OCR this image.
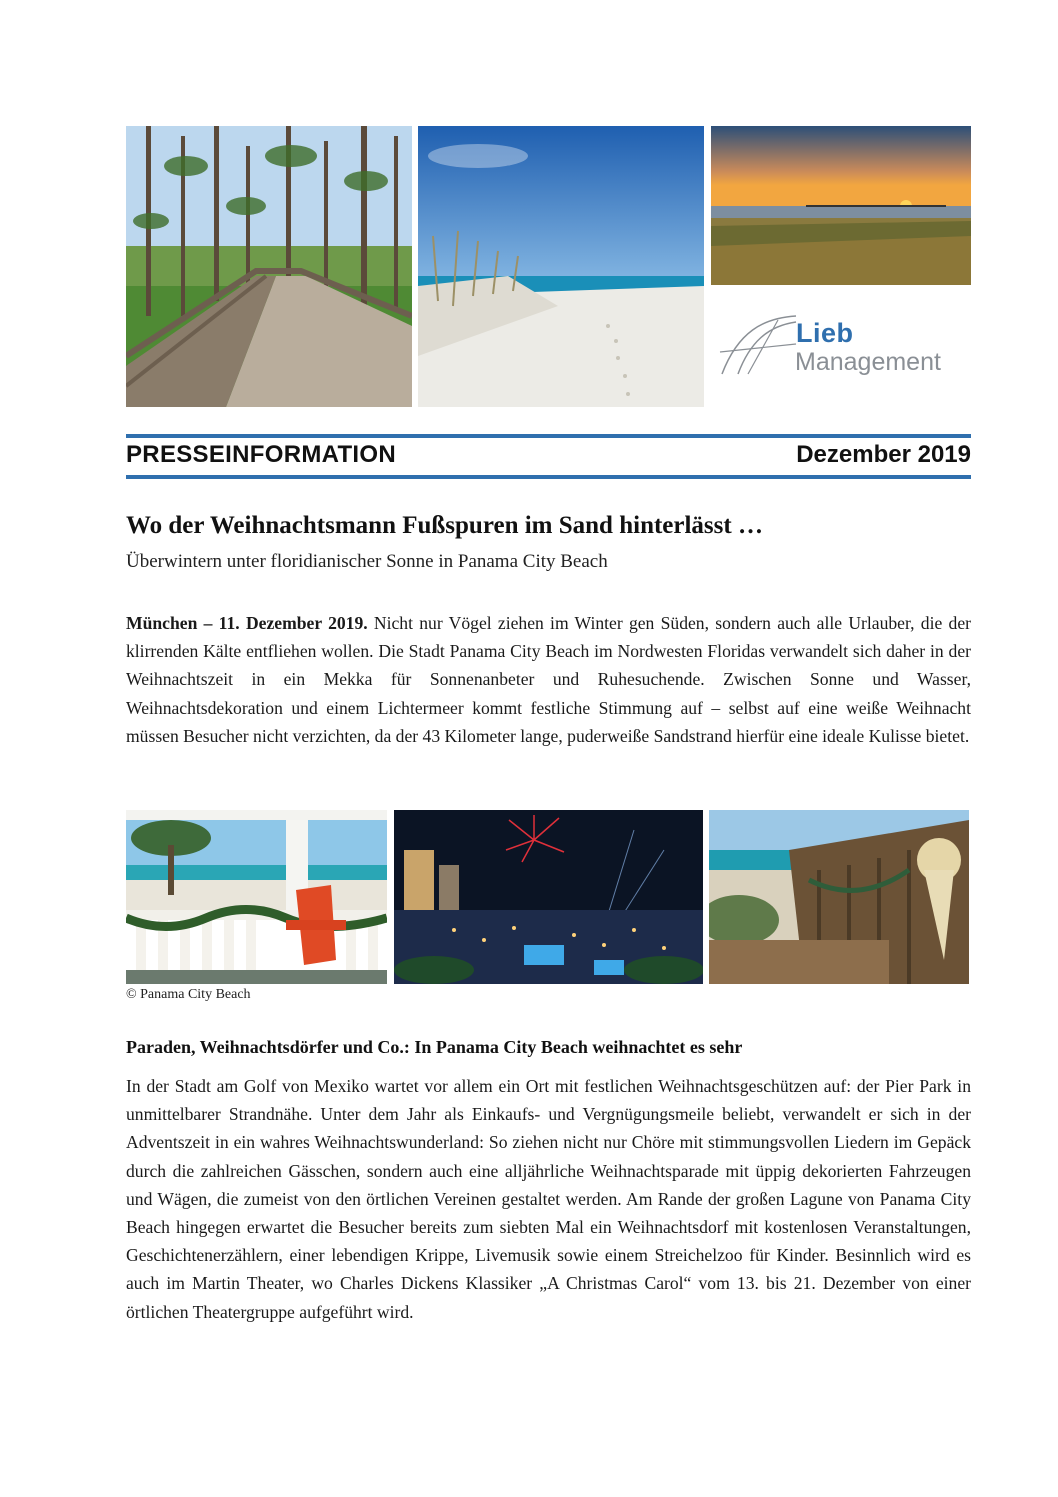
Lieb
Management
PRESSEINFORMATION	Dezember 2019
Wo der Weihnachtsmann Fußspuren im Sand hinterlässt …
Überwintern unter floridianischer Sonne in Panama City Beach

München – 11. Dezember 2019. Nicht nur Vögel ziehen im Winter gen Süden, sondern auch alle Urlauber, die der klirrenden Kälte entfliehen wollen. Die Stadt Panama City Beach im Nordwesten Floridas verwandelt sich daher in der Weihnachtszeit in ein Mekka für Sonnenanbeter und Ruhesuchende. Zwischen Sonne und Wasser, Weihnachtsdekoration und einem Lichtermeer kommt festliche Stimmung auf – selbst auf eine weiße Weihnacht müssen Besucher nicht verzichten, da der 43 Kilometer lange, puderweiße Sandstrand hierfür eine ideale Kulisse bietet.

© Panama City Beach
Paraden, Weihnachtsdörfer und Co.: In Panama City Beach weihnachtet es sehr

In der Stadt am Golf von Mexiko wartet vor allem ein Ort mit festlichen Weihnachtsgeschützen auf: der Pier Park in unmittelbarer Strandnähe. Unter dem Jahr als Einkaufs- und Vergnügungsmeile beliebt, verwandelt er sich in der Adventszeit in ein wahres Weihnachtswunderland: So ziehen nicht nur Chöre mit stimmungsvollen Liedern im Gepäck durch die zahlreichen Gässchen, sondern auch eine alljährliche Weihnachtsparade mit üppig dekorierten Fahrzeugen und Wägen, die zumeist von den örtlichen Vereinen gestaltet werden. Am Rande der großen Lagune von Panama City Beach hingegen erwartet die Besucher bereits zum siebten Mal ein Weihnachtsdorf mit kostenlosen Veranstaltungen, Geschichtenerzählern, einer lebendigen Krippe, Livemusik sowie einem Streichelzoo für Kinder. Besinnlich wird es auch im Martin Theater, wo Charles Dickens Klassiker „A Christmas Carol“ vom 13. bis 21. Dezember von einer örtlichen Theatergruppe aufgeführt wird.
